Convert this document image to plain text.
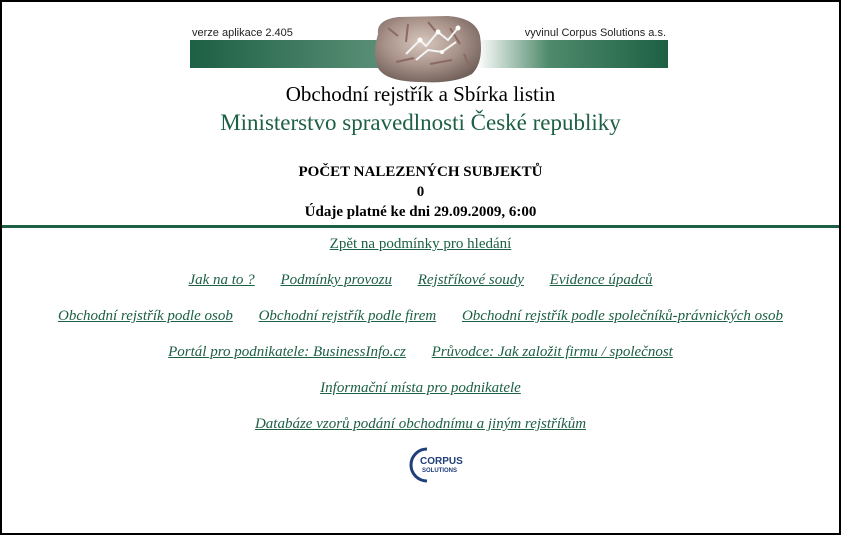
verze aplikace 2.405	vyvinul Corpus Solutions a.s.
Obchodní rejstřík a Sbírka listin
Ministerstvo spravedlnosti České republiky
POČET NALEZENÝCH SUBJEKTŮ
0
Údaje platné ke dni 29.09.2009, 6:00
Zpět na podmínky pro hledání
Jak na to ? Podmínky provozu Rejstříkové soudy Evidence úpadců
Obchodní rejstřík podle osob Obchodní rejstřík podle firem Obchodní rejstřík podle společníků-právnických osob
Portál pro podnikatele: BusinessInfo.cz Průvodce: Jak založit firmu / společnost
Informační místa pro podnikatele
Databáze vzorů podání obchodnímu a jiným rejstříkům
CORPUS
SOLUTIONS
